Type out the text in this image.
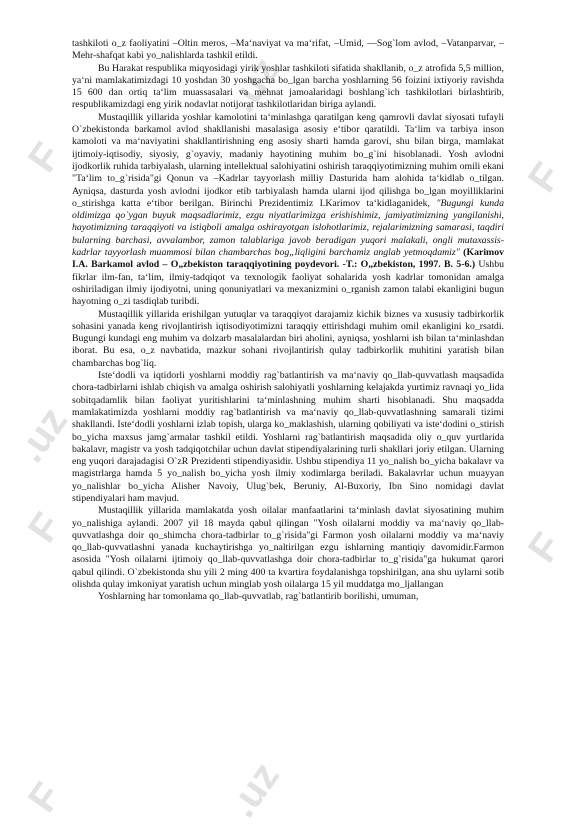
F	F
F	F
F
.uz
.uz
.uz

tashkiloti o_z faoliyatini –Oltin meros, –Ma‘naviyat va ma‘rifat, –Umid, ―Sog`lom avlod, –Vatanparvar, –Mehr-shafqat kabi yo_nalishlarda tashkil etildi.

Bu Harakat respublika miqyosidagi yirik yoshlar tashkiloti sifatida shakllanib, o_z atrofida 5,5 million, ya‘ni mamlakatimizdagi 10 yoshdan 30 yoshgacha bo_lgan barcha yoshlarning 56 foizini ixtiyoriy ravishda 15 600 dan ortiq ta‘lim muassasalari va mehnat jamoalaridagi boshlang`ich tashkilotlari birlashtirib, respublikamizdagi eng yirik nodavlat notijorat tashkilotlaridan biriga aylandi.

Mustaqillik yillarida yoshlar kamolotini ta‘minlashga qaratilgan keng qamrovli davlat siyosati tufayli O`zbekistonda barkamol avlod shakllanishi masalasiga asosiy e‘tibor qaratildi. Ta‘lim va tarbiya inson kamoloti va ma‘naviyatini shakllantirishning eng asosiy sharti hamda garovi, shu bilan birga, mamlakat ijtimoiy-iqtisodiy, siyosiy, g`oyaviy, madaniy hayotining muhim bo_g`ini hisoblanadi. Yosh avlodni ijodkorlik ruhida tarbiyalash, ularning intellektual salohiyatini oshirish taraqqiyotimizning muhim omili ekani "Ta‘lim to_g`risida"gi Qonun va –Kadrlar tayyorlash milliy Dasturida ham alohida ta‘kidlab o_tilgan. Ayniqsa, dasturda yosh avlodni ijodkor etib tarbiyalash hamda ularni ijod qilishga bo_lgan moyilliklarini o_stirishga katta e‘tibor berilgan. Birinchi Prezidentimiz I.Karimov ta‘kidlaganidek, "Bugungi kunda oldimizga qo`ygan buyuk maqsadlarimiz, ezgu niyatlarimizga erishishimiz, jamiyatimizning yangilanishi, hayotimizning taraqqiyoti va istiqboli amalga oshirayotgan islohotlarimiz, rejalarimizning samarasi, taqdiri bularning barchasi, avvalambor, zamon talablariga javob beradigan yuqori malakali, ongli mutaxassis-kadrlar tayyorlash muammosi bilan chambarchas bog„liqligini barchamiz anglab yetmoqdamiz" (Karimov I.A. Barkamol avlod – O„zbekiston taraqqiyotining poydevori. -T.: O„zbekiston, 1997. B. 5-6.) Ushbu fikrlar ilm-fan, ta‘lim, ilmiy-tadqiqot va texnologik faoliyat sohalarida yosh kadrlar tomonidan amalga oshiriladigan ilmiy ijodiyotni, uning qonuniyatlari va mexanizmini o_rganish zamon talabi ekanligini bugun hayotning o_zi tasdiqlab turibdi.

Mustaqillik yillarida erishilgan yutuqlar va taraqqiyot darajamiz kichik biznes va xususiy tadbirkorlik sohasini yanada keng rivojlantirish iqtisodiyotimizni taraqqiy ettirishdagi muhim omil ekanligini ko_rsatdi. Bugungi kundagi eng muhim va dolzarb masalalardan biri aholini, ayniqsa, yoshlarni ish bilan ta‘minlashdan iborat. Bu esa, o_z navbatida, mazkur sohani rivojlantirish qulay tadbirkorlik muhitini yaratish bilan chambarchas bog`liq.

Iste‘dodli va iqtidorli yoshlarni moddiy rag`batlantirish va ma‘naviy qo_llab-quvvatlash maqsadida chora-tadbirlarni ishlab chiqish va amalga oshirish salohiyatli yoshlarning kelajakda yurtimiz ravnaqi yo_lida sobitqadamlik bilan faoliyat yuritishlarini ta‘minlashning muhim sharti hisoblanadi. Shu maqsadda mamlakatimizda yoshlarni moddiy rag`batlantirish va ma‘naviy qo_llab-quvvatlashning samarali tizimi shakllandi. Iste‘dodli yoshlarni izlab topish, ularga ko_maklashish, ularning qobiliyati va iste‘dodini o_stirish bo_yicha maxsus jamg`armalar tashkil etildi. Yoshlarni rag`batlantirish maqsadida oliy o_quv yurtlarida bakalavr, magistr va yosh tadqiqotchilar uchun davlat stipendiyalarining turli shakllari joriy etilgan. Ularning eng yuqori darajadagisi O`zR Prezidenti stipendiyasidir. Ushbu stipendiya 11 yo_nalish bo_yicha bakalavr va magistrlarga hamda 5 yo_nalish bo_yicha yosh ilmiy xodimlarga beriladi. Bakalavrlar uchun muayyan yo_nalishlar bo_yicha Alisher Navoiy, Ulug`bek, Beruniy, Al-Buxoriy, Ibn Sino nomidagi davlat stipendiyalari ham mavjud.

Mustaqillik yillarida mamlakatda yosh oilalar manfaatlarini ta‘minlash davlat siyosatining muhim yo_nalishiga aylandi. 2007 yil 18 mayda qabul qilingan "Yosh oilalarni moddiy va ma‘naviy qo_llab-quvvatlashga doir qo_shimcha chora-tadbirlar to_g`risida"gi Farmon yosh oilalarni moddiy va ma‘naviy qo_llab-quvvatlashni yanada kuchaytirishga yo_naltirilgan ezgu ishlarning mantiqiy davomidir.Farmon asosida "Yosh oilalarni ijtimoiy qo_llab-quvvatlashga doir chora-tadbirlar to_g`risida"ga hukumat qarori qabul qilindi. O`zbekistonda shu yili 2 ming 400 ta kvartira foydalanishga topshirilgan, ana shu uylarni sotib olishda qulay imkoniyat yaratish uchun minglab yosh oilalarga 15 yil muddatga mo_ljallangan

Yoshlarning har tomonlama qo_llab-quvvatlab, rag`batlantirib borilishi, umuman,
